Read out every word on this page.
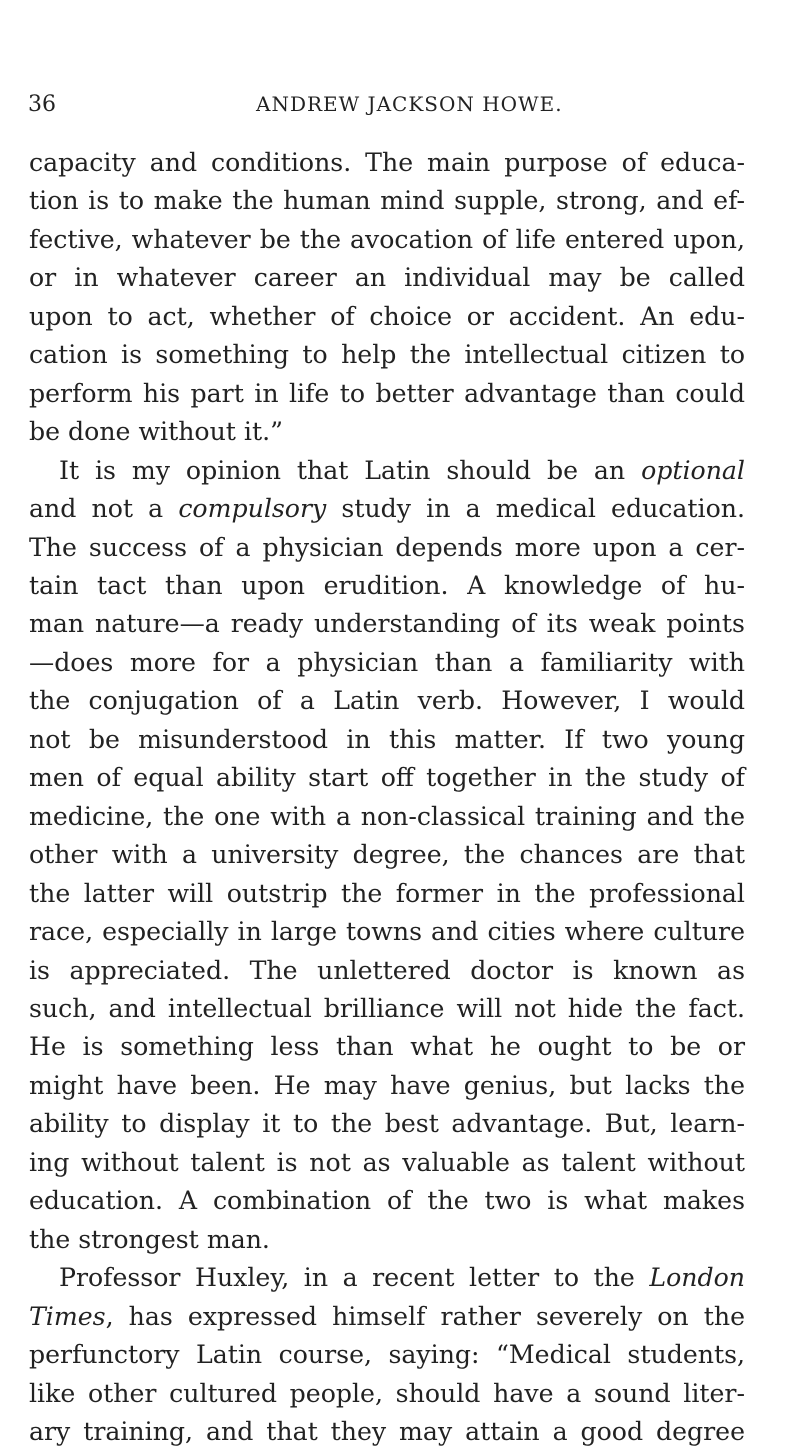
36	ANDREW JACKSON HOWE.
capacity and conditions. The main purpose of educa-
tion is to make the human mind supple, strong, and ef-
fective, whatever be the avocation of life entered upon,
or in whatever career an individual may be called
upon to act, whether of choice or accident. An edu-
cation is something to help the intellectual citizen to
perform his part in life to better advantage than could
be done without it.”
It is my opinion that Latin should be an optional
and not a compulsory study in a medical education.
The success of a physician depends more upon a cer-
tain tact than upon erudition. A knowledge of hu-
man nature—a ready understanding of its weak points
—does more for a physician than a familiarity with
the conjugation of a Latin verb. However, I would
not be misunderstood in this matter. If two young
men of equal ability start off together in the study of
medicine, the one with a non-classical training and the
other with a university degree, the chances are that
the latter will outstrip the former in the professional
race, especially in large towns and cities where culture
is appreciated. The unlettered doctor is known as
such, and intellectual brilliance will not hide the fact.
He is something less than what he ought to be or
might have been. He may have genius, but lacks the
ability to display it to the best advantage. But, learn-
ing without talent is not as valuable as talent without
education. A combination of the two is what makes
the strongest man.
Professor Huxley, in a recent letter to the London
Times, has expressed himself rather severely on the
perfunctory Latin course, saying: “Medical students,
like other cultured people, should have a sound liter-
ary training, and that they may attain a good degree
